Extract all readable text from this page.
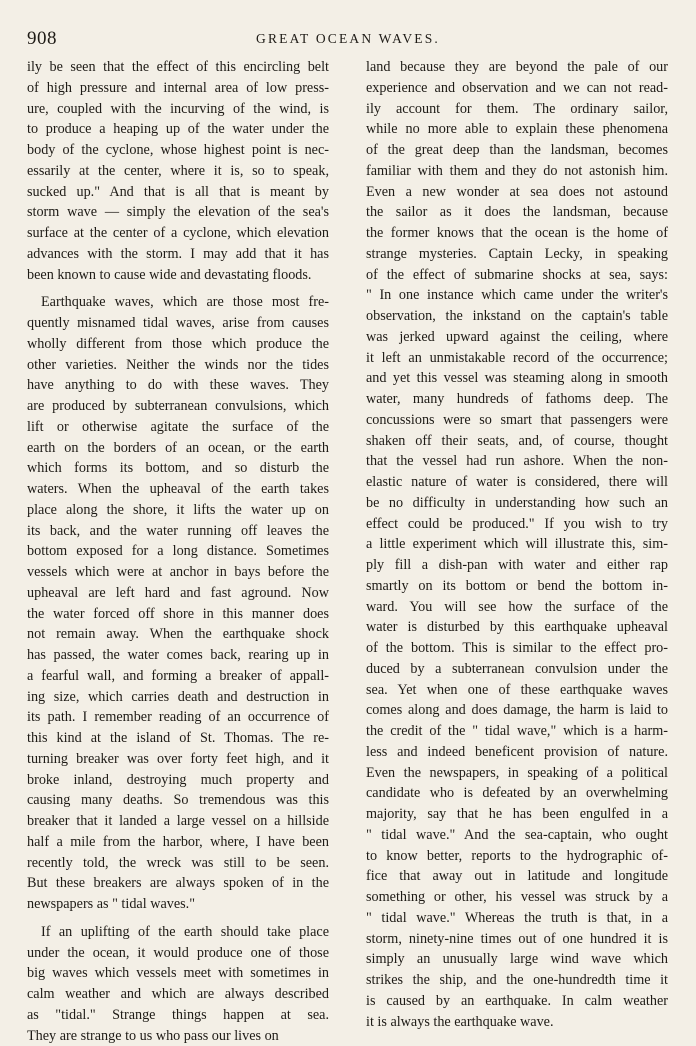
908	GREAT OCEAN WAVES.
ily be seen that the effect of this encircling belt
of high pressure and internal area of low press-
ure, coupled with the incurving of the wind, is
to produce a heaping up of the water under the
body of the cyclone, whose highest point is nec-
essarily at the center, where it is, so to speak,
sucked up." And that is all that is meant by
storm wave — simply the elevation of the sea's
surface at the center of a cyclone, which elevation
advances with the storm. I may add that it has
been known to cause wide and devastating floods.
Earthquake waves, which are those most fre-
quently misnamed tidal waves, arise from causes
wholly different from those which produce the
other varieties. Neither the winds nor the tides
have anything to do with these waves. They
are produced by subterranean convulsions, which
lift or otherwise agitate the surface of the
earth on the borders of an ocean, or the earth
which forms its bottom, and so disturb the
waters. When the upheaval of the earth takes
place along the shore, it lifts the water up on
its back, and the water running off leaves the
bottom exposed for a long distance. Sometimes
vessels which were at anchor in bays before the
upheaval are left hard and fast aground. Now
the water forced off shore in this manner does
not remain away. When the earthquake shock
has passed, the water comes back, rearing up in
a fearful wall, and forming a breaker of appall-
ing size, which carries death and destruction in
its path. I remember reading of an occurrence of
this kind at the island of St. Thomas. The re-
turning breaker was over forty feet high, and it
broke inland, destroying much property and
causing many deaths. So tremendous was this
breaker that it landed a large vessel on a hillside
half a mile from the harbor, where, I have been
recently told, the wreck was still to be seen.
But these breakers are always spoken of in the
newspapers as " tidal waves."
If an uplifting of the earth should take place
under the ocean, it would produce one of those
big waves which vessels meet with sometimes in
calm weather and which are always described
as "tidal." Strange things happen at sea.
They are strange to us who pass our lives on
land because they are beyond the pale of our
experience and observation and we can not read-
ily account for them. The ordinary sailor,
while no more able to explain these phenomena
of the great deep than the landsman, becomes
familiar with them and they do not astonish him.
Even a new wonder at sea does not astound
the sailor as it does the landsman, because
the former knows that the ocean is the home of
strange mysteries. Captain Lecky, in speaking
of the effect of submarine shocks at sea, says:
" In one instance which came under the writer's
observation, the inkstand on the captain's table
was jerked upward against the ceiling, where
it left an unmistakable record of the occurrence;
and yet this vessel was steaming along in smooth
water, many hundreds of fathoms deep. The
concussions were so smart that passengers were
shaken off their seats, and, of course, thought
that the vessel had run ashore. When the non-
elastic nature of water is considered, there will
be no difficulty in understanding how such an
effect could be produced." If you wish to try
a little experiment which will illustrate this, sim-
ply fill a dish-pan with water and either rap
smartly on its bottom or bend the bottom in-
ward. You will see how the surface of the
water is disturbed by this earthquake upheaval
of the bottom. This is similar to the effect pro-
duced by a subterranean convulsion under the
sea. Yet when one of these earthquake waves
comes along and does damage, the harm is laid to
the credit of the " tidal wave," which is a harm-
less and indeed beneficent provision of nature.
Even the newspapers, in speaking of a political
candidate who is defeated by an overwhelming
majority, say that he has been engulfed in a
" tidal wave." And the sea-captain, who ought
to know better, reports to the hydrographic of-
fice that away out in latitude and longitude
something or other, his vessel was struck by a
" tidal wave." Whereas the truth is that, in a
storm, ninety-nine times out of one hundred it is
simply an unusually large wind wave which
strikes the ship, and the one-hundredth time it
is caused by an earthquake. In calm weather
it is always the earthquake wave.
